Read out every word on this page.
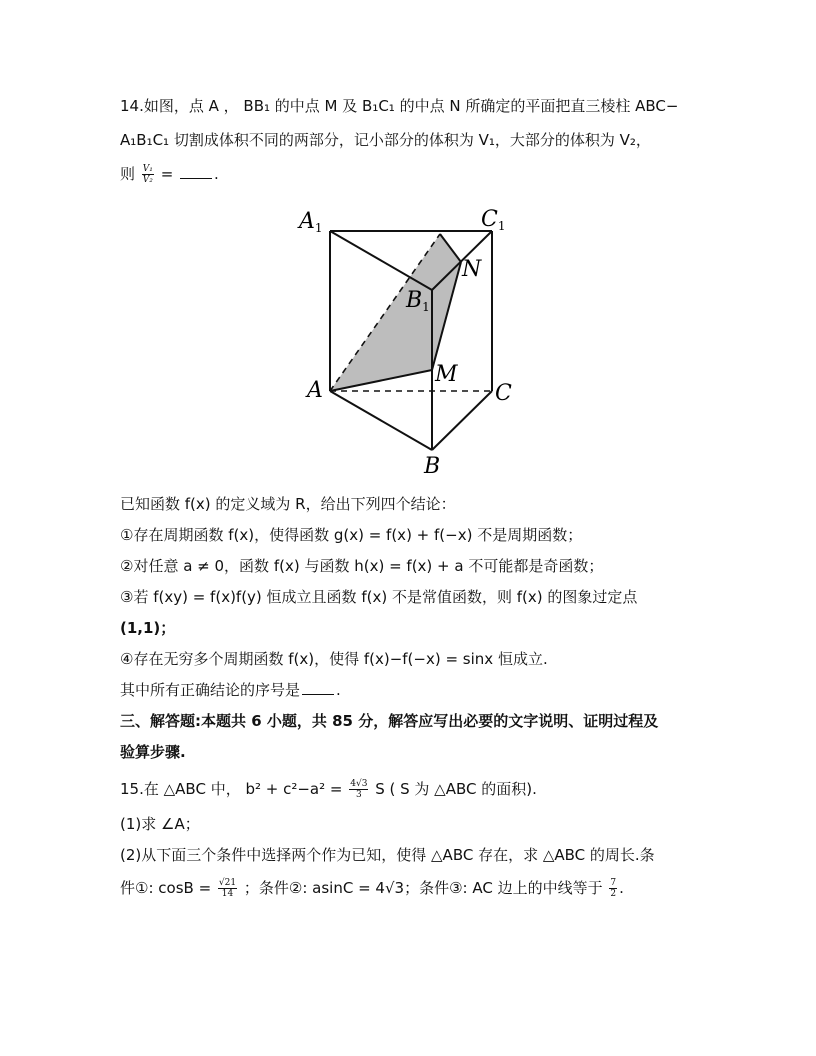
14.如图，点 A ， BB₁ 的中点 M 及 B₁C₁ 的中点 N 所确定的平面把直三棱柱 ABC−
A₁B₁C₁ 切割成体积不同的两部分，记小部分的体积为 V₁，大部分的体积为 V₂，
则 $\frac{\text{V₁}}{\text{V₂}}$ =	.
A1	C1
B1
N
M
A	C
B
已知函数 f(x) 的定义域为 R，给出下列四个结论：
①存在周期函数 f(x)，使得函数 g(x) = f(x) + f(−x) 不是周期函数；
②对任意 a ≠ 0，函数 f(x) 与函数 h(x) = f(x) + a 不可能都是奇函数；
③若 f(xy) = f(x)f(y) 恒成立且函数 f(x) 不是常值函数，则 f(x) 的图象过定点
(1,1)；
④存在无穷多个周期函数 f(x)，使得 f(x)−f(−x) = sinx 恒成立.
其中所有正确结论的序号是 .
三、解答题:本题共 6 小题，共 85 分，解答应写出必要的文字说明、证明过程及
验算步骤.
15.在 △ABC 中， $b^2 + c^2-a^2 = \frac{4√3}{3}$ S ( S 为 △ABC 的面积).
(1)求 ∠A；
(2)从下面三个条件中选择两个作为已知，使得 △ABC 存在，求 △ABC 的周长.条
件①: $\cos B = \frac{√21}{14}$ ；条件②: asinC = 4√3；条件③: AC 边上的中线等于 $\frac{7}{2}$ .
